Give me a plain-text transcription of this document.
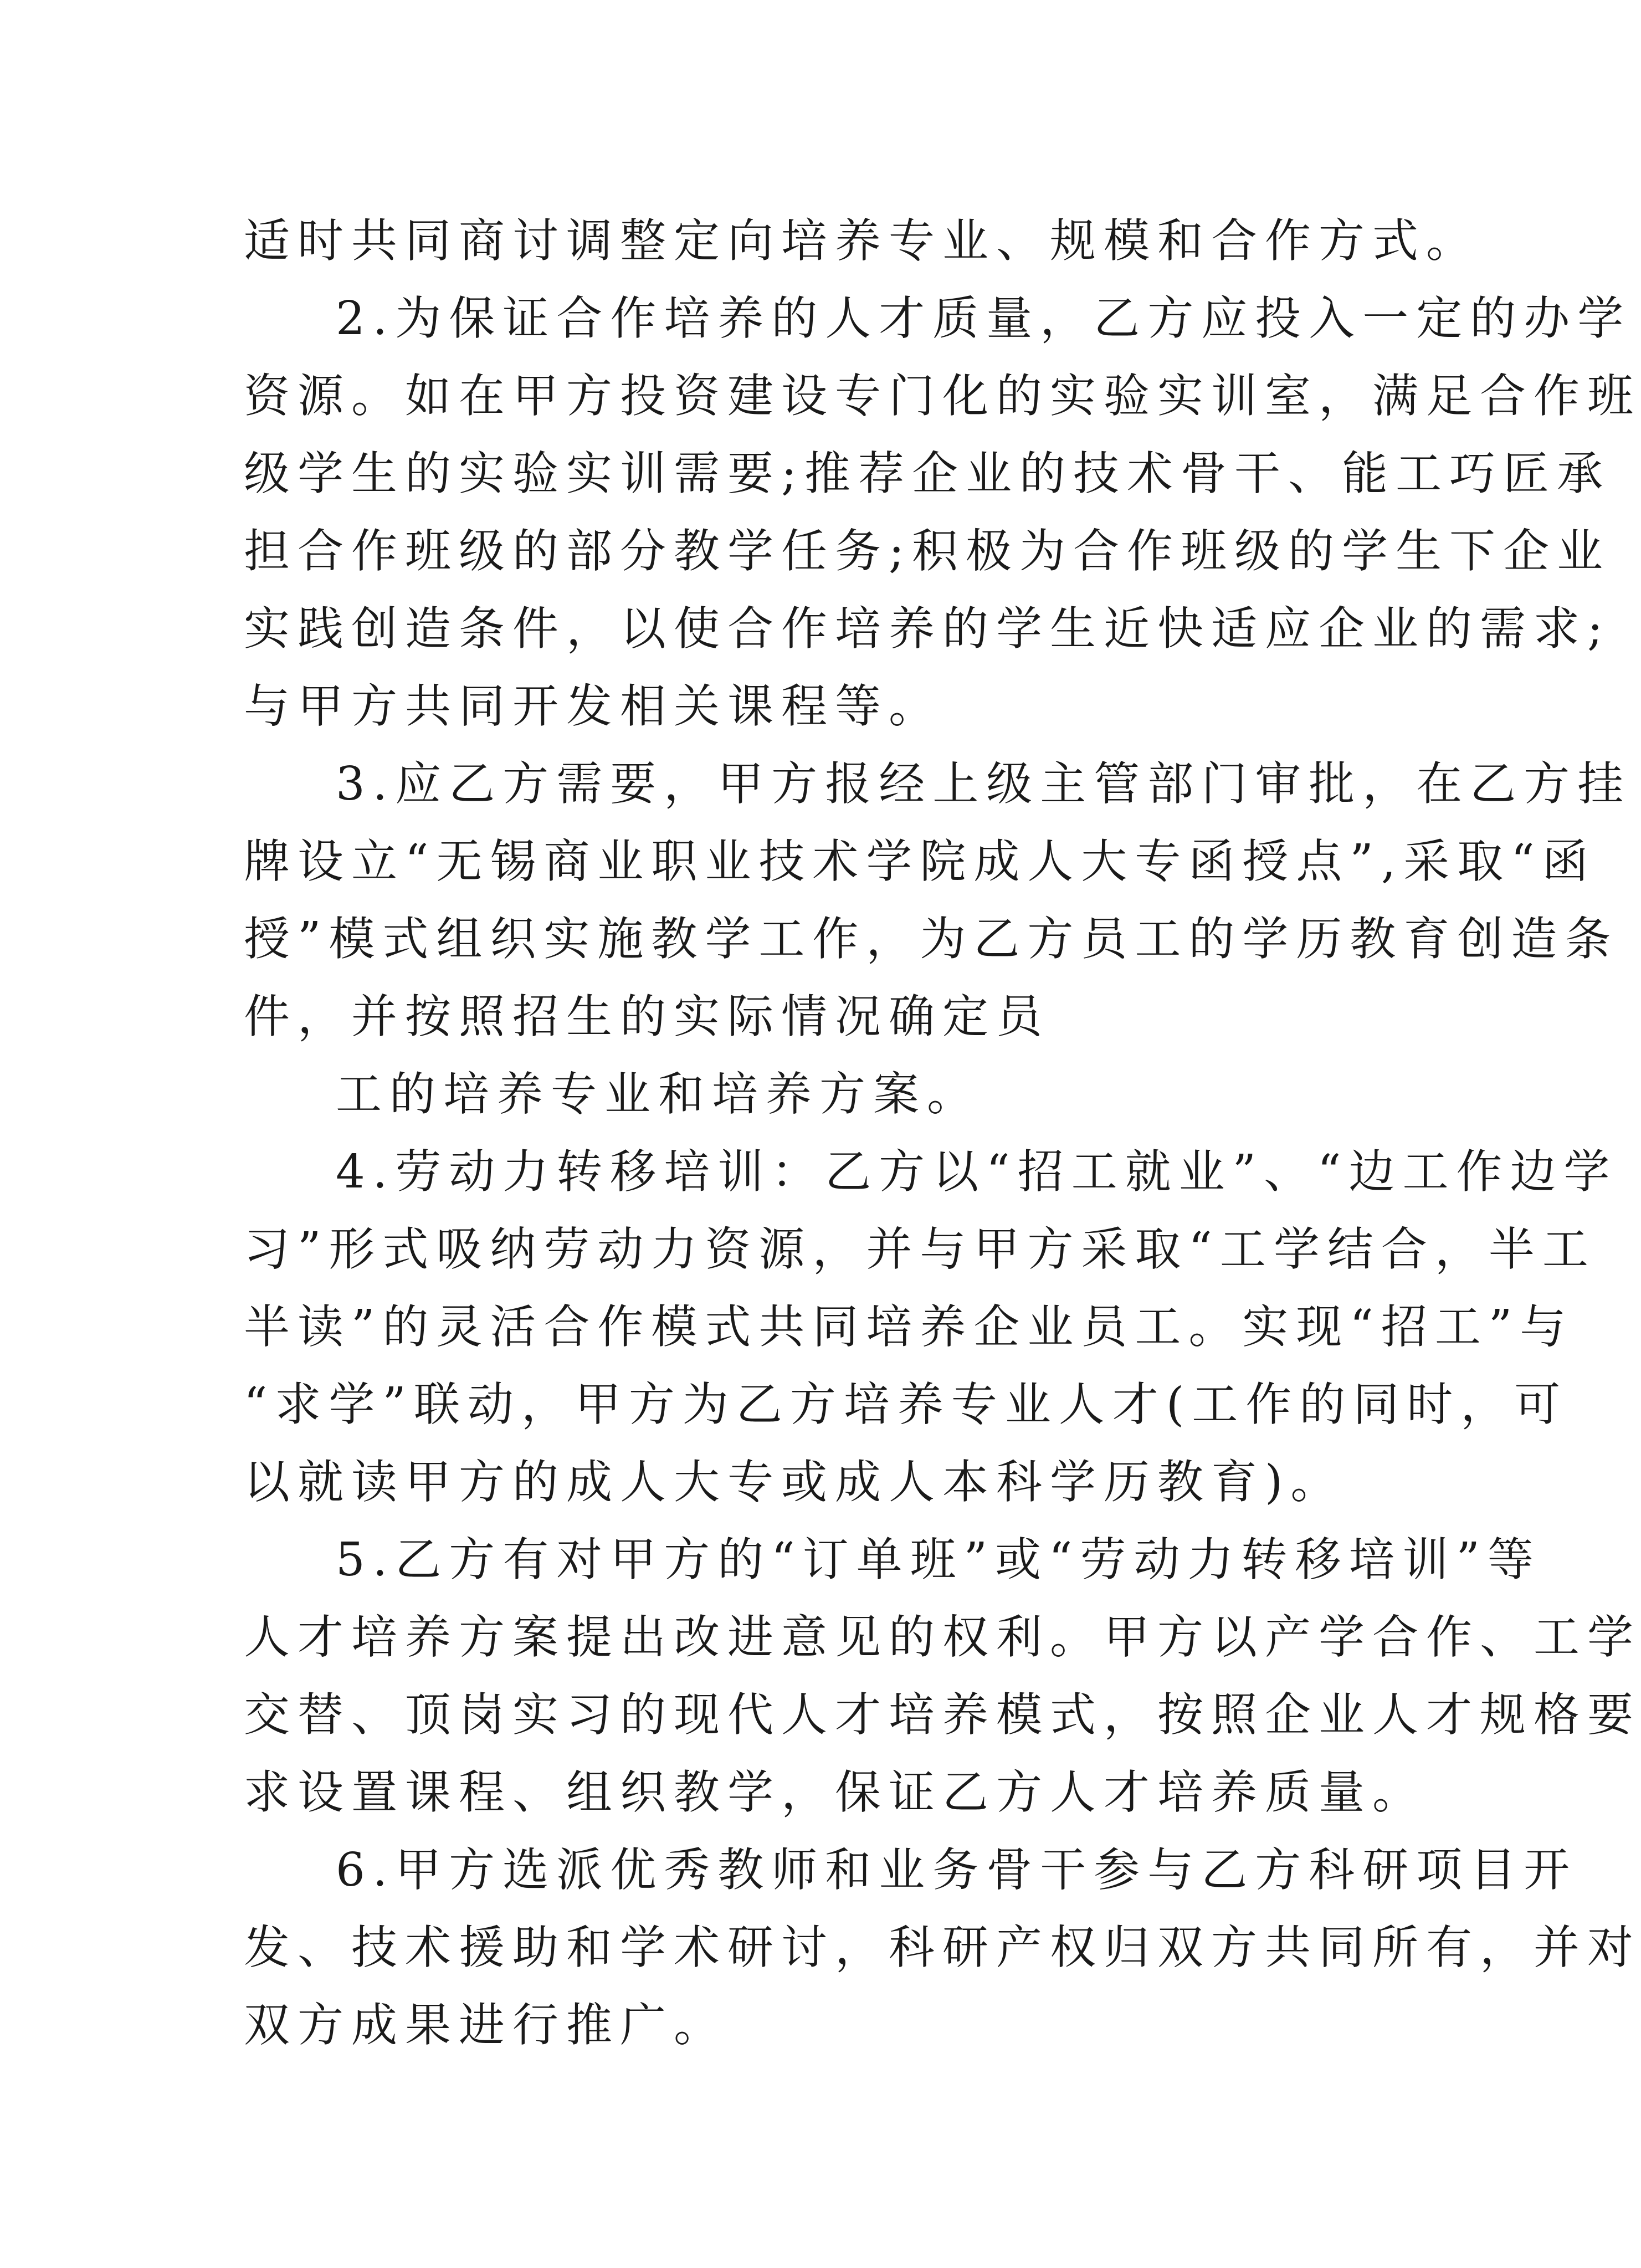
适时共同商讨调整定向培养专业、规模和合作方式。
2.为保证合作培养的人才质量，乙方应投入一定的办学
资源。如在甲方投资建设专门化的实验实训室，满足合作班
级学生的实验实训需要;推荐企业的技术骨干、能工巧匠承
担合作班级的部分教学任务;积极为合作班级的学生下企业
实践创造条件，以使合作培养的学生近快适应企业的需求;
与甲方共同开发相关课程等。
3.应乙方需要，甲方报经上级主管部门审批，在乙方挂
牌设立“无锡商业职业技术学院成人大专函授点”,采取“函
授”模式组织实施教学工作，为乙方员工的学历教育创造条
件，并按照招生的实际情况确定员
工的培养专业和培养方案。
4.劳动力转移培训：乙方以“招工就业”、“边工作边学
习”形式吸纳劳动力资源，并与甲方采取“工学结合，半工
半读”的灵活合作模式共同培养企业员工。实现“招工”与
“求学”联动，甲方为乙方培养专业人才(工作的同时，可
以就读甲方的成人大专或成人本科学历教育)。
5.乙方有对甲方的“订单班”或“劳动力转移培训”等
人才培养方案提出改进意见的权利。甲方以产学合作、工学
交替、顶岗实习的现代人才培养模式，按照企业人才规格要
求设置课程、组织教学，保证乙方人才培养质量。
6.甲方选派优秀教师和业务骨干参与乙方科研项目开
发、技术援助和学术研讨，科研产权归双方共同所有，并对
双方成果进行推广。
